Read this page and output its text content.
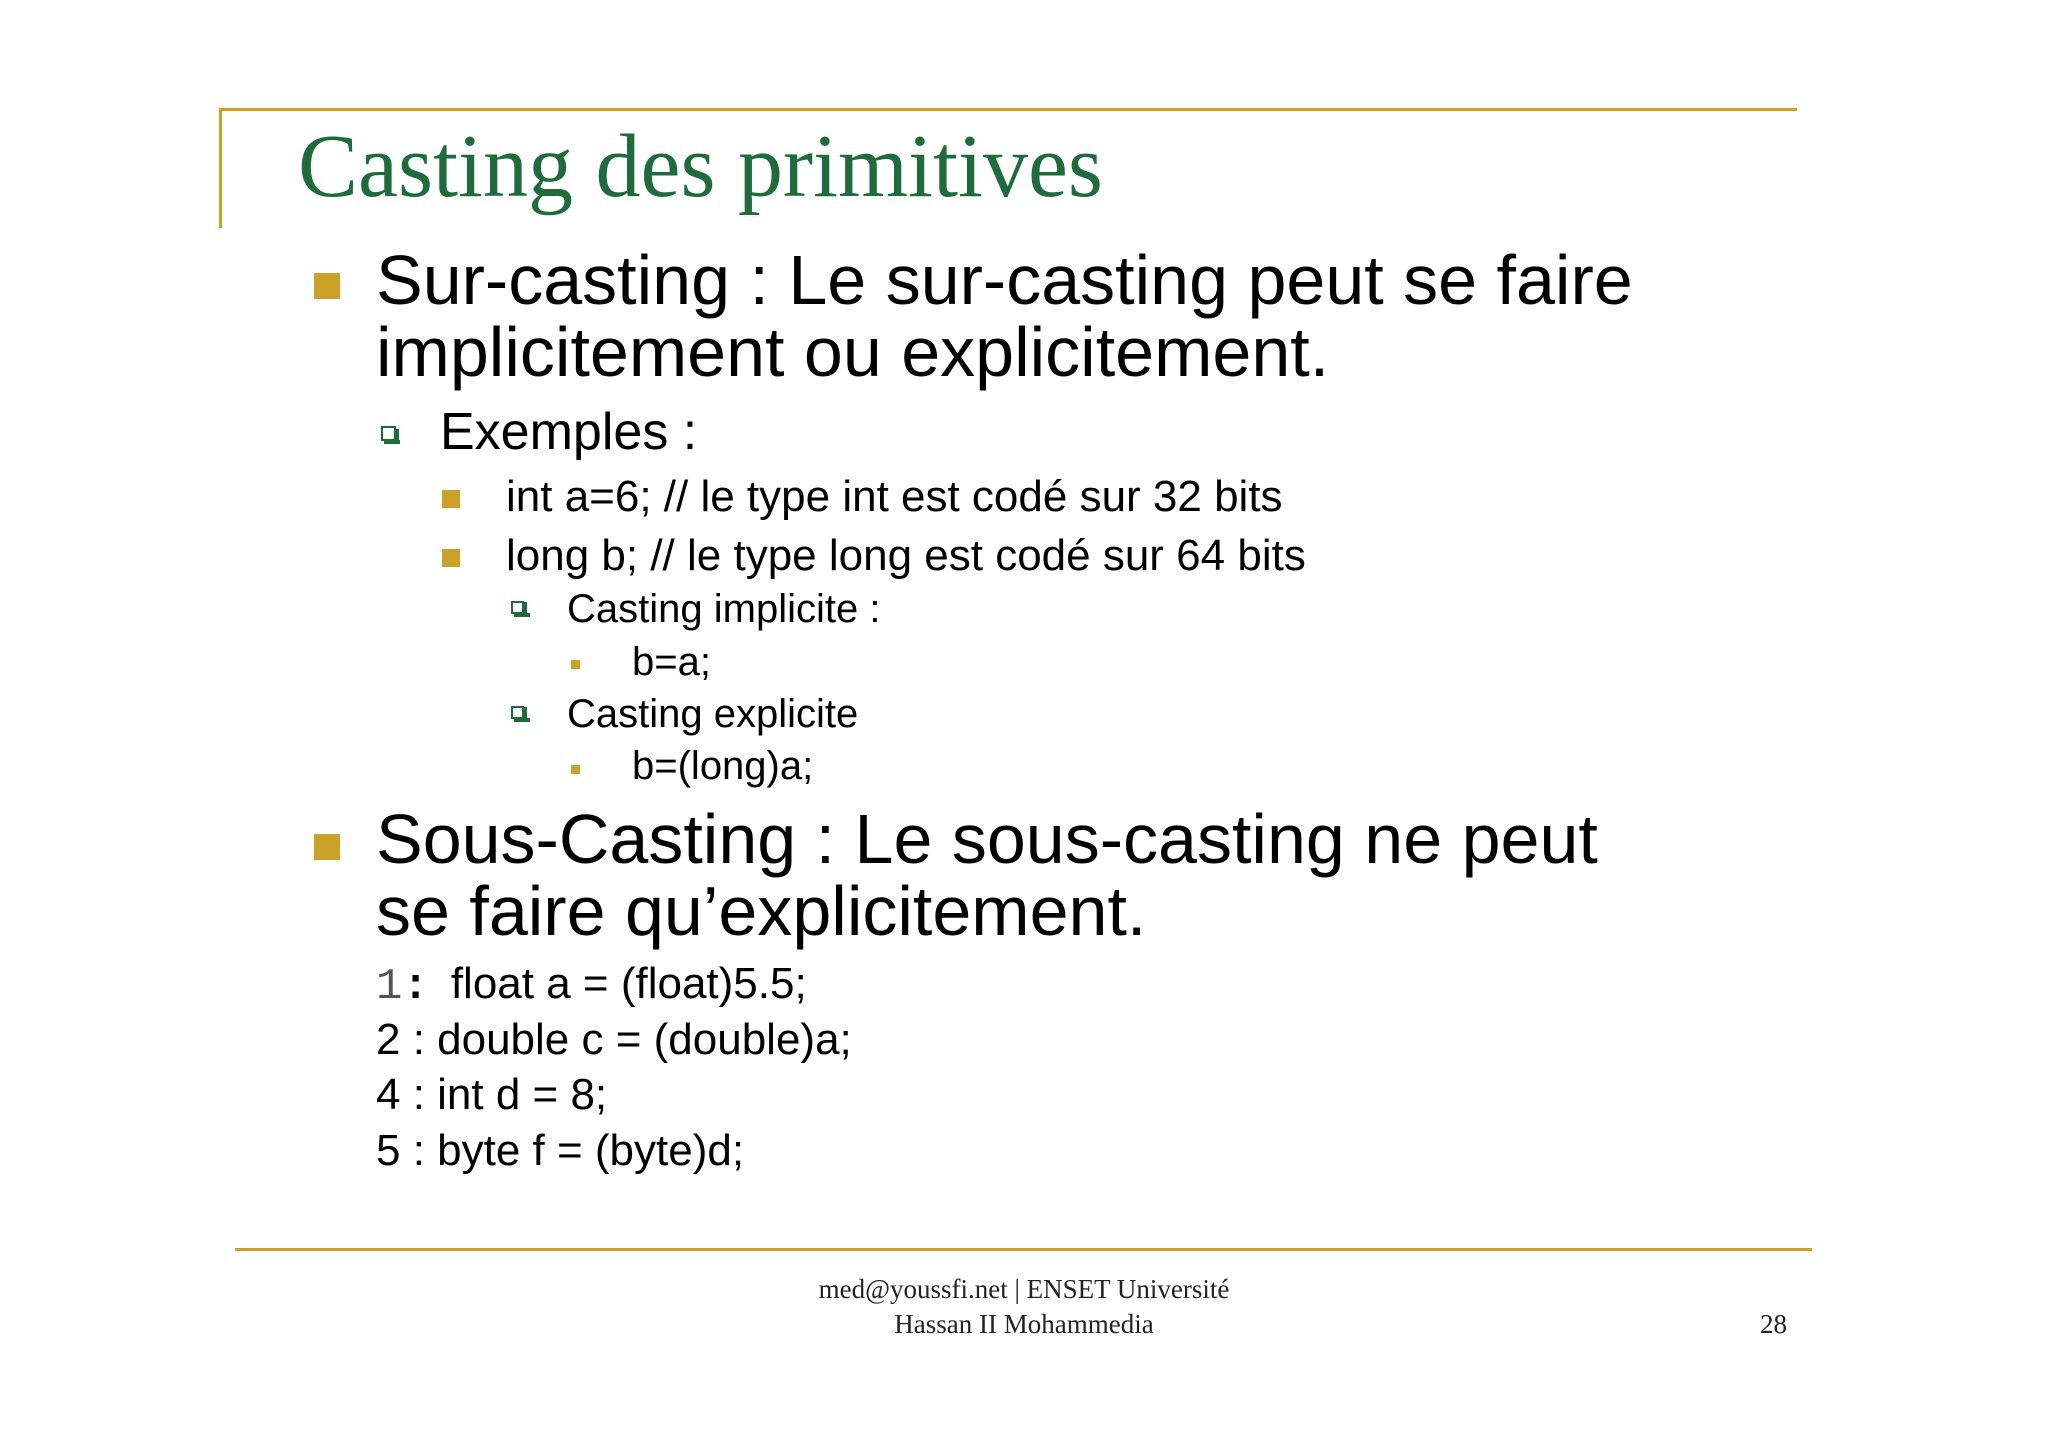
Casting des primitives
Sur-casting : Le sur-casting peut se faire
implicitement ou explicitement.
Exemples :
int a=6; // le type int est codé sur 32 bits
long b; // le type long est codé sur 64 bits
Casting implicite :
b=a;
Casting explicite
b=(long)a;
Sous-Casting : Le sous-casting ne peut
se faire qu’explicitement.
1: float a = (float)5.5;
2 : double c = (double)a;
4 : int d = 8;
5 : byte f = (byte)d;
med@youssfi.net | ENSET Université
Hassan II Mohammedia	28
